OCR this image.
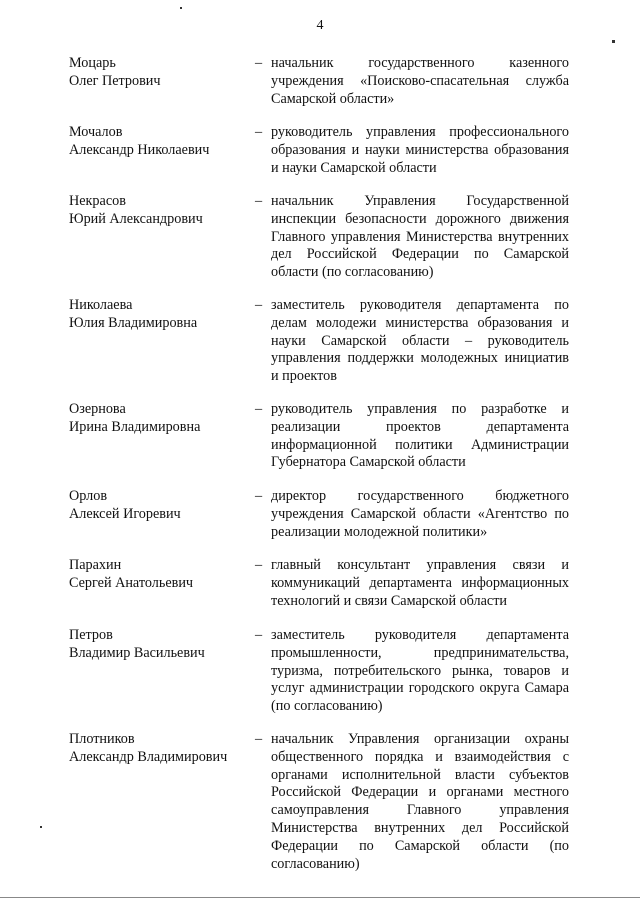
4
Моцарь
Олег Петрович
– начальник государственного казенного учреждения «Поисково-спасательная служба Самарской области»
Мочалов
Александр Николаевич
– руководитель управления профессионального образования и науки министерства образования и науки Самарской области
Некрасов
Юрий Александрович
– начальник Управления Государственной инспекции безопасности дорожного движения Главного управления Министерства внутренних дел Российской Федерации по Самарской области (по согласованию)
Николаева
Юлия Владимировна
– заместитель руководителя департамента по делам молодежи министерства образования и науки Самарской области – руководитель управления поддержки молодежных инициатив и проектов
Озернова
Ирина Владимировна
– руководитель управления по разработке и реализации проектов департамента информационной политики Администрации Губернатора Самарской области
Орлов
Алексей Игоревич
– директор государственного бюджетного учреждения Самарской области «Агентство по реализации молодежной политики»
Парахин
Сергей Анатольевич
– главный консультант управления связи и коммуникаций департамента информационных технологий и связи Самарской области
Петров
Владимир Васильевич
– заместитель руководителя департамента промышленности, предпринимательства, туризма, потребительского рынка, товаров и услуг администрации городского округа Самара (по согласованию)
Плотников
Александр Владимирович
– начальник Управления организации охраны общественного порядка и взаимодействия с органами исполнительной власти субъектов Российской Федерации и органами местного самоуправления Главного управления Министерства внутренних дел Российской Федерации по Самарской области (по согласованию)
